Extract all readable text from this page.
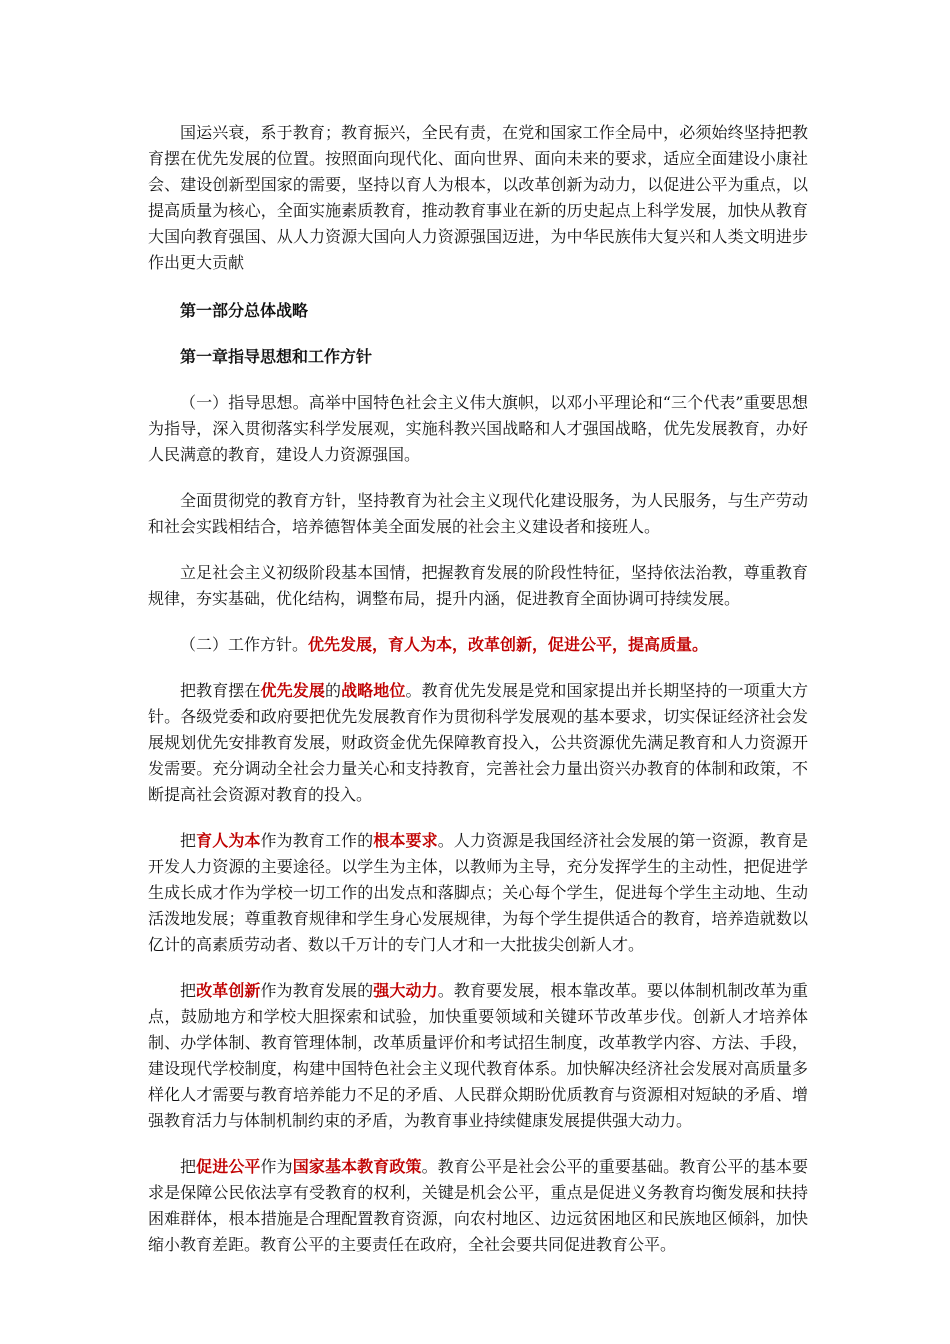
国运兴衰，系于教育；教育振兴，全民有责，在党和国家工作全局中，必须始终坚持把教育摆在优先发展的位置。按照面向现代化、面向世界、面向未来的要求，适应全面建设小康社会、建设创新型国家的需要，坚持以育人为根本，以改革创新为动力，以促进公平为重点，以提高质量为核心，全面实施素质教育，推动教育事业在新的历史起点上科学发展，加快从教育大国向教育强国、从人力资源大国向人力资源强国迈进，为中华民族伟大复兴和人类文明进步作出更大贡献

第一部分总体战略

第一章指导思想和工作方针

（一）指导思想。高举中国特色社会主义伟大旗帜，以邓小平理论和“三个代表”重要思想为指导，深入贯彻落实科学发展观，实施科教兴国战略和人才强国战略，优先发展教育，办好人民满意的教育，建设人力资源强国。

全面贯彻党的教育方针，坚持教育为社会主义现代化建设服务，为人民服务，与生产劳动和社会实践相结合，培养德智体美全面发展的社会主义建设者和接班人。

立足社会主义初级阶段基本国情，把握教育发展的阶段性特征，坚持依法治教，尊重教育规律，夯实基础，优化结构，调整布局，提升内涵，促进教育全面协调可持续发展。

（二）工作方针。优先发展，育人为本，改革创新，促进公平，提高质量。

把教育摆在优先发展的战略地位。教育优先发展是党和国家提出并长期坚持的一项重大方针。各级党委和政府要把优先发展教育作为贯彻科学发展观的基本要求，切实保证经济社会发展规划优先安排教育发展，财政资金优先保障教育投入，公共资源优先满足教育和人力资源开发需要。充分调动全社会力量关心和支持教育，完善社会力量出资兴办教育的体制和政策，不断提高社会资源对教育的投入。

把育人为本作为教育工作的根本要求。人力资源是我国经济社会发展的第一资源，教育是开发人力资源的主要途径。以学生为主体，以教师为主导，充分发挥学生的主动性，把促进学生成长成才作为学校一切工作的出发点和落脚点；关心每个学生，促进每个学生主动地、生动活泼地发展；尊重教育规律和学生身心发展规律，为每个学生提供适合的教育，培养造就数以亿计的高素质劳动者、数以千万计的专门人才和一大批拔尖创新人才。

把改革创新作为教育发展的强大动力。教育要发展，根本靠改革。要以体制机制改革为重点，鼓励地方和学校大胆探索和试验，加快重要领域和关键环节改革步伐。创新人才培养体制、办学体制、教育管理体制，改革质量评价和考试招生制度，改革教学内容、方法、手段，建设现代学校制度，构建中国特色社会主义现代教育体系。加快解决经济社会发展对高质量多样化人才需要与教育培养能力不足的矛盾、人民群众期盼优质教育与资源相对短缺的矛盾、增强教育活力与体制机制约束的矛盾，为教育事业持续健康发展提供强大动力。

把促进公平作为国家基本教育政策。教育公平是社会公平的重要基础。教育公平的基本要求是保障公民依法享有受教育的权利，关键是机会公平，重点是促进义务教育均衡发展和扶持困难群体，根本措施是合理配置教育资源，向农村地区、边远贫困地区和民族地区倾斜，加快缩小教育差距。教育公平的主要责任在政府，全社会要共同促进教育公平。
